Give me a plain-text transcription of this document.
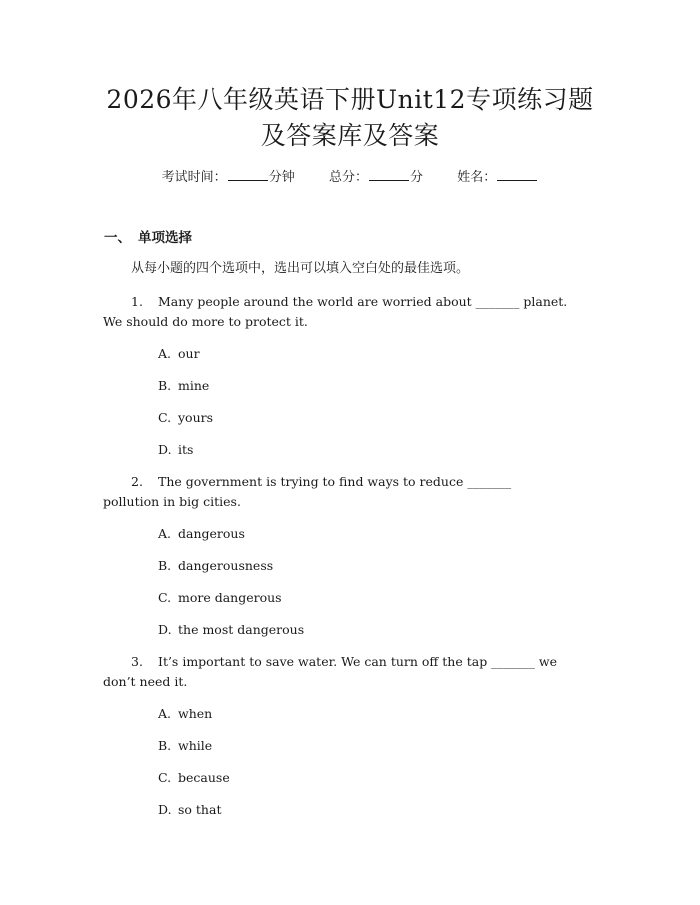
2026年八年级英语下册Unit12专项练习题
及答案库及答案
考试时间：	分钟	总分：	分	姓名：
一、 单项选择
从每小题的四个选项中，选出可以填入空白处的最佳选项。
1. Many people around the world are worried about _______ planet.
We should do more to protect it.
A. our
B. mine
C. yours
D. its
2. The government is trying to find ways to reduce _______
pollution in big cities.
A. dangerous
B. dangerousness
C. more dangerous
D. the most dangerous
3. It’s important to save water. We can turn off the tap _______ we
don’t need it.
A. when
B. while
C. because
D. so that
